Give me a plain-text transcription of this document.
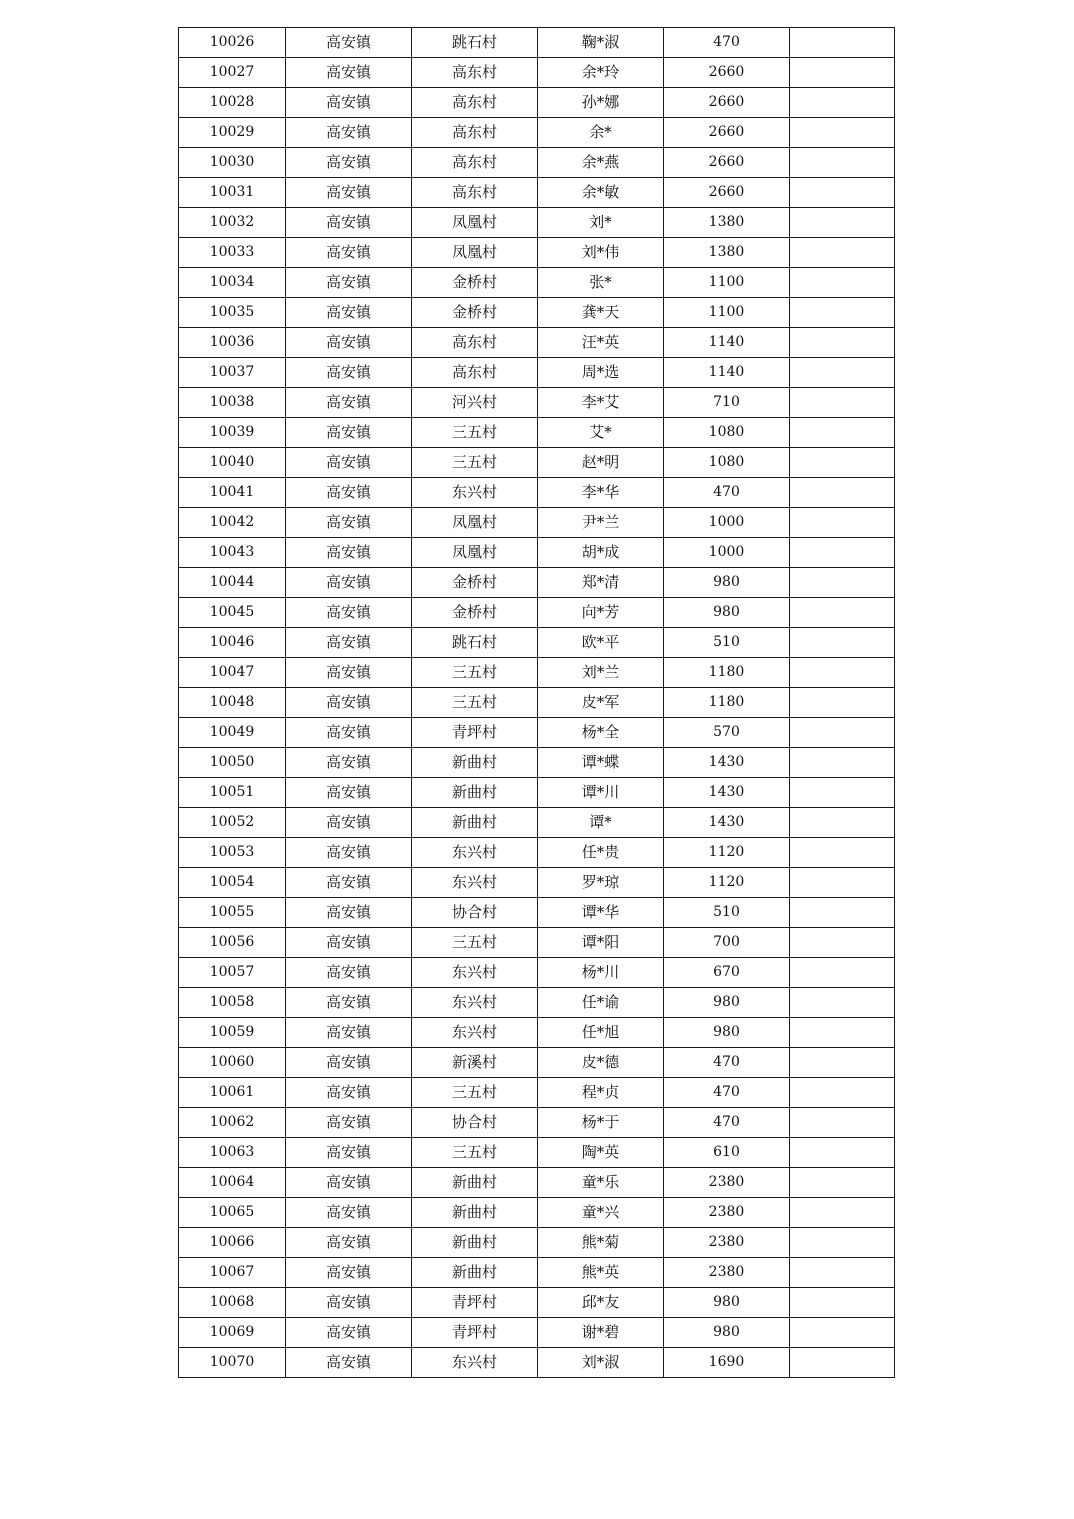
10026	高安镇	跳石村	鞠*淑	470	
10027	高安镇	高东村	余*玲	2660	
10028	高安镇	高东村	孙*娜	2660	
10029	高安镇	高东村	余*	2660	
10030	高安镇	高东村	余*燕	2660	
10031	高安镇	高东村	余*敏	2660	
10032	高安镇	凤凰村	刘*	1380	
10033	高安镇	凤凰村	刘*伟	1380	
10034	高安镇	金桥村	张*	1100	
10035	高安镇	金桥村	龚*天	1100	
10036	高安镇	高东村	汪*英	1140	
10037	高安镇	高东村	周*选	1140	
10038	高安镇	河兴村	李*艾	710	
10039	高安镇	三五村	艾*	1080	
10040	高安镇	三五村	赵*明	1080	
10041	高安镇	东兴村	李*华	470	
10042	高安镇	凤凰村	尹*兰	1000	
10043	高安镇	凤凰村	胡*成	1000	
10044	高安镇	金桥村	郑*清	980	
10045	高安镇	金桥村	向*芳	980	
10046	高安镇	跳石村	欧*平	510	
10047	高安镇	三五村	刘*兰	1180	
10048	高安镇	三五村	皮*军	1180	
10049	高安镇	青坪村	杨*全	570	
10050	高安镇	新曲村	谭*蝶	1430	
10051	高安镇	新曲村	谭*川	1430	
10052	高安镇	新曲村	谭*	1430	
10053	高安镇	东兴村	任*贵	1120	
10054	高安镇	东兴村	罗*琼	1120	
10055	高安镇	协合村	谭*华	510	
10056	高安镇	三五村	谭*阳	700	
10057	高安镇	东兴村	杨*川	670	
10058	高安镇	东兴村	任*谕	980	
10059	高安镇	东兴村	任*旭	980	
10060	高安镇	新溪村	皮*德	470	
10061	高安镇	三五村	程*贞	470	
10062	高安镇	协合村	杨*于	470	
10063	高安镇	三五村	陶*英	610	
10064	高安镇	新曲村	童*乐	2380	
10065	高安镇	新曲村	童*兴	2380	
10066	高安镇	新曲村	熊*菊	2380	
10067	高安镇	新曲村	熊*英	2380	
10068	高安镇	青坪村	邱*友	980	
10069	高安镇	青坪村	谢*碧	980	
10070	高安镇	东兴村	刘*淑	1690	
